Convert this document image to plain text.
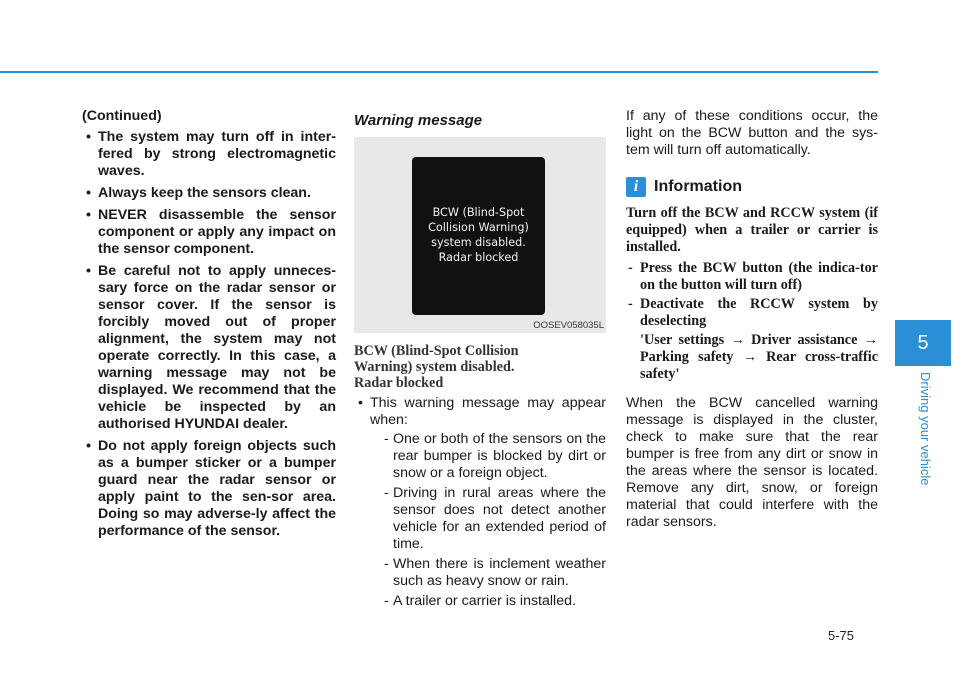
(Continued)

• The system may turn off in inter-fered by strong electromagnetic waves.
• Always keep the sensors clean.
• NEVER disassemble the sensor component or apply any impact on the sensor component.
• Be careful not to apply unneces-sary force on the radar sensor or sensor cover. If the sensor is forcibly moved out of proper alignment, the system may not operate correctly. In this case, a warning message may not be displayed. We recommend that the vehicle be inspected by an authorised HYUNDAI dealer.
• Do not apply foreign objects such as a bumper sticker or a bumper guard near the radar sensor or apply paint to the sen-sor area. Doing so may adverse-ly affect the performance of the sensor.
Warning message
BCW (Blind-Spot
Collision Warning)
system disabled.
Radar blocked
OOSEV058035L
BCW (Blind-Spot Collision
Warning) system disabled.
Radar blocked
• This warning message may appear when:
- One or both of the sensors on the rear bumper is blocked by dirt or snow or a foreign object.
- Driving in rural areas where the sensor does not detect another vehicle for an extended period of time.
- When there is inclement weather such as heavy snow or rain.
- A trailer or carrier is installed.

If any of these conditions occur, the light on the BCW button and the sys-tem will turn off automatically.

i Information

Turn off the BCW and RCCW system (if equipped) when a trailer or carrier is installed.

- Press the BCW button (the indica-tor on the button will turn off)
- Deactivate the RCCW system by deselecting
'User settings → Driver assistance → Parking safety → Rear cross-traffic safety'

When the BCW cancelled warning message is displayed in the cluster, check to make sure that the rear bumper is free from any dirt or snow in the areas where the sensor is located. Remove any dirt, snow, or foreign material that could interfere with the radar sensors.

5
Driving your vehicle
5-75
